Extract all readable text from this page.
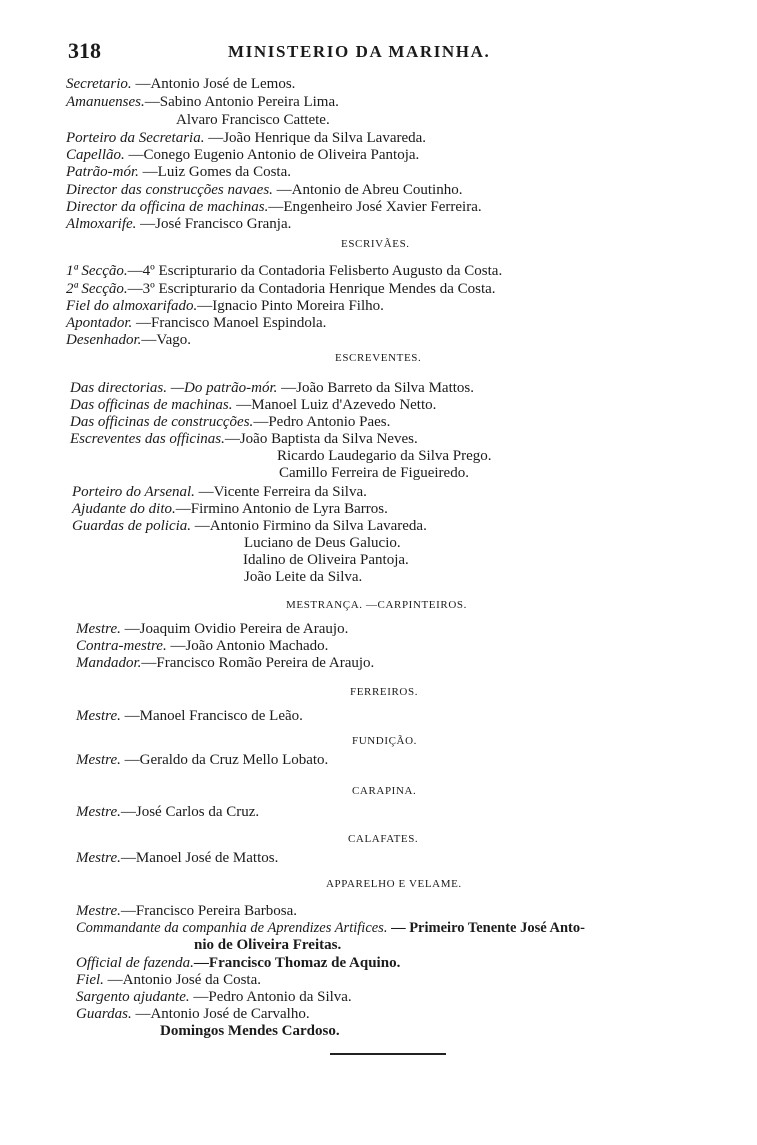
318	MINISTERIO DA MARINHA.
Secretario. —Antonio José de Lemos.
Amanuenses.—Sabino Antonio Pereira Lima.
Alvaro Francisco Cattete.
Porteiro da Secretaria. —João Henrique da Silva Lavareda.
Capellão. —Conego Eugenio Antonio de Oliveira Pantoja.
Patrão-mór. —Luiz Gomes da Costa.
Director das construcções navaes. —Antonio de Abreu Coutinho.
Director da officina de machinas.—Engenheiro José Xavier Ferreira.
Almoxarife. —José Francisco Granja.
ESCRIVÃES.
1ª Secção.—4º Escripturario da Contadoria Felisberto Augusto da Costa.
2ª Secção.—3º Escripturario da Contadoria Henrique Mendes da Costa.
Fiel do almoxarifado.—Ignacio Pinto Moreira Filho.
Apontador. —Francisco Manoel Espindola.
Desenhador.—Vago.
ESCREVENTES.
Das directorias. —Do patrão-mór. —João Barreto da Silva Mattos.
Das officinas de machinas. —Manoel Luiz d'Azevedo Netto.
Das officinas de construcções.—Pedro Antonio Paes.
Escreventes das officinas.—João Baptista da Silva Neves.
Ricardo Laudegario da Silva Prego.
Camillo Ferreira de Figueiredo.
Porteiro do Arsenal. —Vicente Ferreira da Silva.
Ajudante do dito.—Firmino Antonio de Lyra Barros.
Guardas de policia. —Antonio Firmino da Silva Lavareda.
Luciano de Deus Galucio.
Idalino de Oliveira Pantoja.
João Leite da Silva.
MESTRANÇA. —CARPINTEIROS.
Mestre. —Joaquim Ovidio Pereira de Araujo.
Contra-mestre. —João Antonio Machado.
Mandador.—Francisco Romão Pereira de Araujo.
FERREIROS.
Mestre. —Manoel Francisco de Leão.
FUNDIÇÃO.
Mestre. —Geraldo da Cruz Mello Lobato.
CARAPINA.
Mestre.—José Carlos da Cruz.
CALAFATES.
Mestre.—Manoel José de Mattos.
APPARELHO E VELAME.
Mestre.—Francisco Pereira Barbosa.
Commandante da companhia de Aprendizes Artifices. — Primeiro Tenente José Anto-
nio de Oliveira Freitas.
Official de fazenda.—Francisco Thomaz de Aquino.
Fiel. —Antonio José da Costa.
Sargento ajudante. —Pedro Antonio da Silva.
Guardas. —Antonio José de Carvalho.
Domingos Mendes Cardoso.
